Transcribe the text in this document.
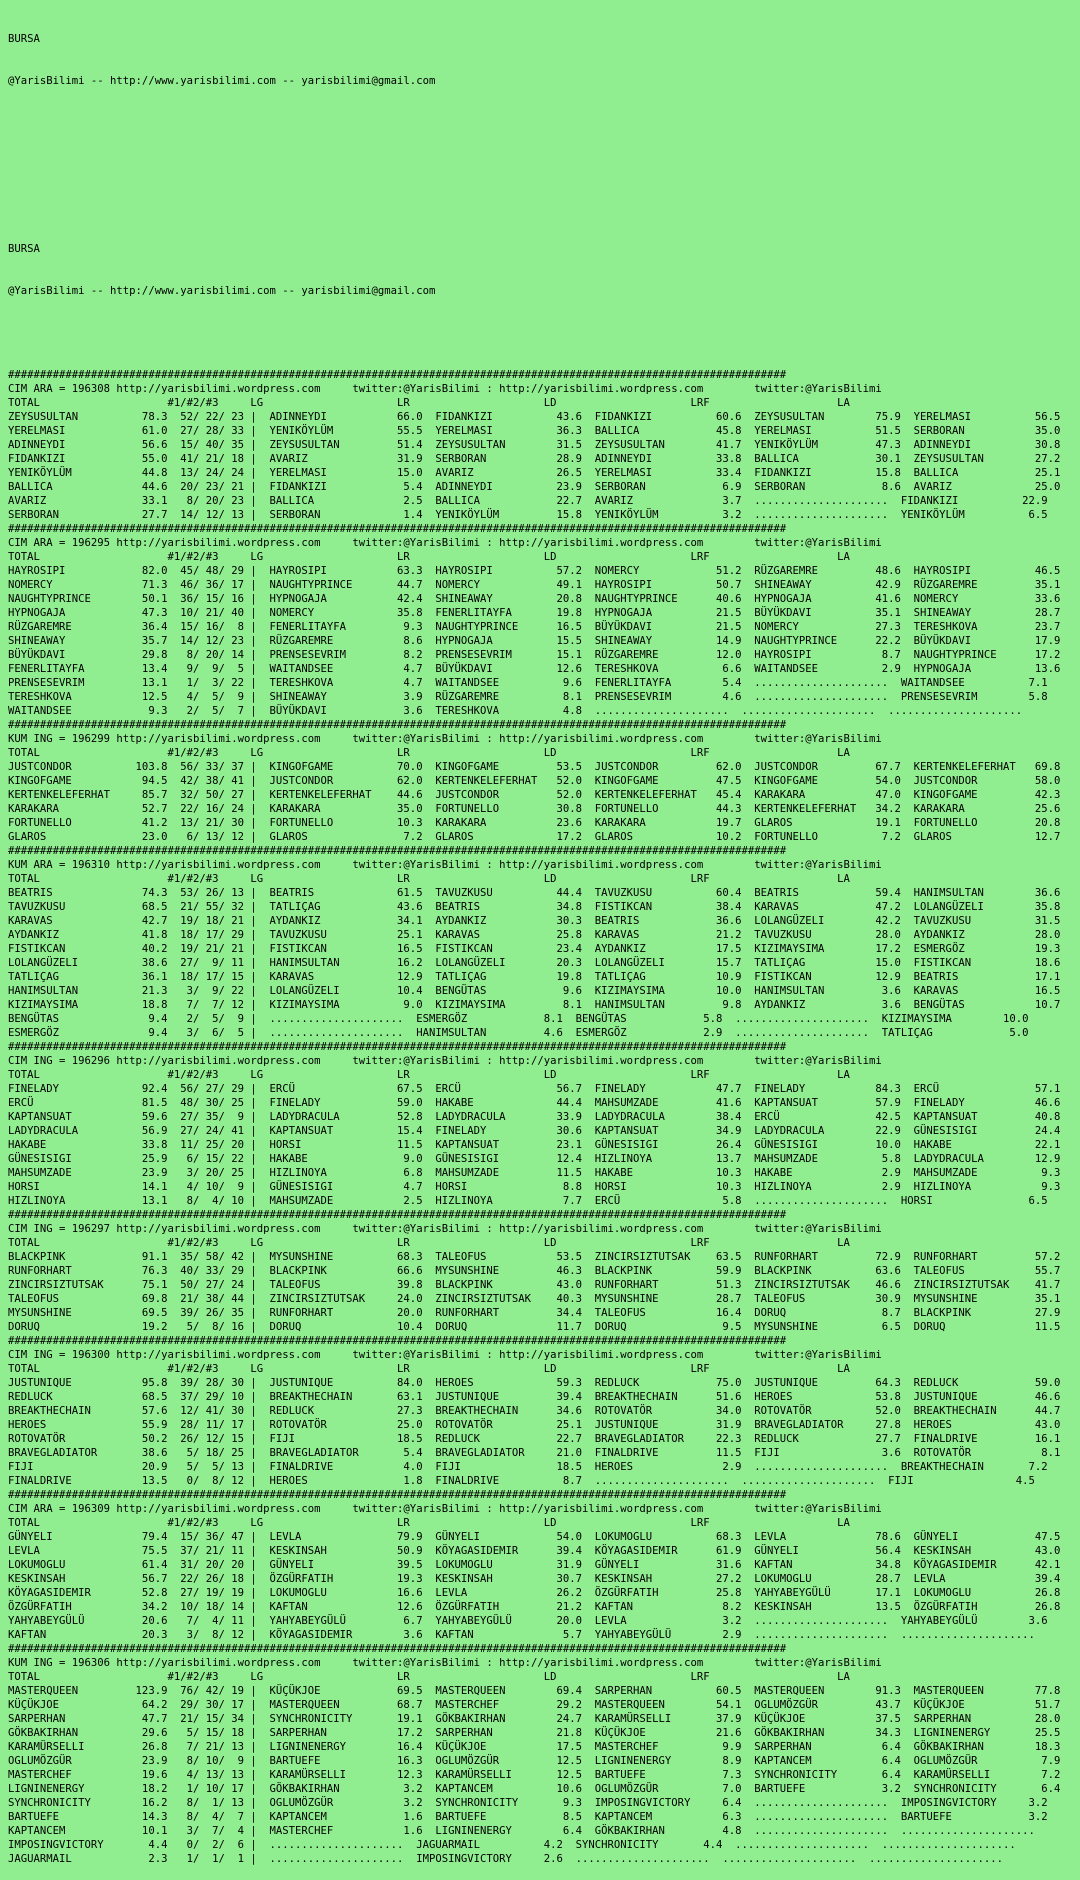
BURSA

@YarisBilimi -- http://www.yarisbilimi.com -- yarisbilimi@gmail.com

BURSA

@YarisBilimi -- http://www.yarisbilimi.com -- yarisbilimi@gmail.com

##########################################################################################################################
CIM ARA = 196308 http://yarisbilimi.wordpress.com     twitter:@YarisBilimi : http://yarisbilimi.wordpress.com        twitter:@YarisBilimi
TOTAL                    #1/#2/#3     LG                     LR                     LD                     LRF                    LA
ZEYSUSULTAN          78.3  52/ 22/ 23 |  ADINNEYDI           66.0  FIDANKIZI          43.6  FIDANKIZI          60.6  ZEYSUSULTAN        75.9  YERELMASI          56.5
YERELMASI            61.0  27/ 28/ 33 |  YENIKÖYLÜM          55.5  YERELMASI          36.3  BALLICA            45.8  YERELMASI          51.5  SERBORAN           35.0
ADINNEYDI            56.6  15/ 40/ 35 |  ZEYSUSULTAN         51.4  ZEYSUSULTAN        31.5  ZEYSUSULTAN        41.7  YENIKÖYLÜM         47.3  ADINNEYDI          30.8
FIDANKIZI            55.0  41/ 21/ 18 |  AVARIZ              31.9  SERBORAN           28.9  ADINNEYDI          33.8  BALLICA            30.1  ZEYSUSULTAN        27.2
YENIKÖYLÜM           44.8  13/ 24/ 24 |  YERELMASI           15.0  AVARIZ             26.5  YERELMASI          33.4  FIDANKIZI          15.8  BALLICA            25.1
BALLICA              44.6  20/ 23/ 21 |  FIDANKIZI            5.4  ADINNEYDI          23.9  SERBORAN            6.9  SERBORAN            8.6  AVARIZ             25.0
AVARIZ               33.1   8/ 20/ 23 |  BALLICA              2.5  BALLICA            22.7  AVARIZ              3.7  .....................  FIDANKIZI          22.9
SERBORAN             27.7  14/ 12/ 13 |  SERBORAN             1.4  YENIKÖYLÜM         15.8  YENIKÖYLÜM          3.2  .....................  YENIKÖYLÜM          6.5
##########################################################################################################################
CIM ARA = 196295 http://yarisbilimi.wordpress.com     twitter:@YarisBilimi : http://yarisbilimi.wordpress.com        twitter:@YarisBilimi
TOTAL                    #1/#2/#3     LG                     LR                     LD                     LRF                    LA
HAYROSIPI            82.0  45/ 48/ 29 |  HAYROSIPI           63.3  HAYROSIPI          57.2  NOMERCY            51.2  RÜZGAREMRE         48.6  HAYROSIPI          46.5
NOMERCY              71.3  46/ 36/ 17 |  NAUGHTYPRINCE       44.7  NOMERCY            49.1  HAYROSIPI          50.7  SHINEAWAY          42.9  RÜZGAREMRE         35.1
NAUGHTYPRINCE        50.1  36/ 15/ 16 |  HYPNOGAJA           42.4  SHINEAWAY          20.8  NAUGHTYPRINCE      40.6  HYPNOGAJA          41.6  NOMERCY            33.6
HYPNOGAJA            47.3  10/ 21/ 40 |  NOMERCY             35.8  FENERLITAYFA       19.8  HYPNOGAJA          21.5  BÜYÜKDAVI          35.1  SHINEAWAY          28.7
RÜZGAREMRE           36.4  15/ 16/  8 |  FENERLITAYFA         9.3  NAUGHTYPRINCE      16.5  BÜYÜKDAVI          21.5  NOMERCY            27.3  TERESHKOVA         23.7
SHINEAWAY            35.7  14/ 12/ 23 |  RÜZGAREMRE           8.6  HYPNOGAJA          15.5  SHINEAWAY          14.9  NAUGHTYPRINCE      22.2  BÜYÜKDAVI          17.9
BÜYÜKDAVI            29.8   8/ 20/ 14 |  PRENSESEVRIM         8.2  PRENSESEVRIM       15.1  RÜZGAREMRE         12.0  HAYROSIPI           8.7  NAUGHTYPRINCE      17.2
FENERLITAYFA         13.4   9/  9/  5 |  WAITANDSEE           4.7  BÜYÜKDAVI          12.6  TERESHKOVA          6.6  WAITANDSEE          2.9  HYPNOGAJA          13.6
PRENSESEVRIM         13.1   1/  3/ 22 |  TERESHKOVA           4.7  WAITANDSEE          9.6  FENERLITAYFA        5.4  .....................  WAITANDSEE          7.1
TERESHKOVA           12.5   4/  5/  9 |  SHINEAWAY            3.9  RÜZGAREMRE          8.1  PRENSESEVRIM        4.6  .....................  PRENSESEVRIM        5.8
WAITANDSEE            9.3   2/  5/  7 |  BÜYÜKDAVI            3.6  TERESHKOVA          4.8  .....................  .....................  .....................
##########################################################################################################################
KUM ING = 196299 http://yarisbilimi.wordpress.com     twitter:@YarisBilimi : http://yarisbilimi.wordpress.com        twitter:@YarisBilimi
TOTAL                    #1/#2/#3     LG                     LR                     LD                     LRF                    LA
JUSTCONDOR          103.8  56/ 33/ 37 |  KINGOFGAME          70.0  KINGOFGAME         53.5  JUSTCONDOR         62.0  JUSTCONDOR         67.7  KERTENKELEFERHAT   69.8
KINGOFGAME           94.5  42/ 38/ 41 |  JUSTCONDOR          62.0  KERTENKELEFERHAT   52.0  KINGOFGAME         47.5  KINGOFGAME         54.0  JUSTCONDOR         58.0
KERTENKELEFERHAT     85.7  32/ 50/ 27 |  KERTENKELEFERHAT    44.6  JUSTCONDOR         52.0  KERTENKELEFERHAT   45.4  KARAKARA           47.0  KINGOFGAME         42.3
KARAKARA             52.7  22/ 16/ 24 |  KARAKARA            35.0  FORTUNELLO         30.8  FORTUNELLO         44.3  KERTENKELEFERHAT   34.2  KARAKARA           25.6
FORTUNELLO           41.2  13/ 21/ 30 |  FORTUNELLO          10.3  KARAKARA           23.6  KARAKARA           19.7  GLAROS             19.1  FORTUNELLO         20.8
GLAROS               23.0   6/ 13/ 12 |  GLAROS               7.2  GLAROS             17.2  GLAROS             10.2  FORTUNELLO          7.2  GLAROS             12.7
##########################################################################################################################
KUM ARA = 196310 http://yarisbilimi.wordpress.com     twitter:@YarisBilimi : http://yarisbilimi.wordpress.com        twitter:@YarisBilimi
TOTAL                    #1/#2/#3     LG                     LR                     LD                     LRF                    LA
BEATRIS              74.3  53/ 26/ 13 |  BEATRIS             61.5  TAVUZKUSU          44.4  TAVUZKUSU          60.4  BEATRIS            59.4  HANIMSULTAN        36.6
TAVUZKUSU            68.5  21/ 55/ 32 |  TATLIÇAG            43.6  BEATRIS            34.8  FISTIKCAN          38.4  KARAVAS            47.2  LOLANGÜZELI        35.8
KARAVAS              42.7  19/ 18/ 21 |  AYDANKIZ            34.1  AYDANKIZ           30.3  BEATRIS            36.6  LOLANGÜZELI        42.2  TAVUZKUSU          31.5
AYDANKIZ             41.8  18/ 17/ 29 |  TAVUZKUSU           25.1  KARAVAS            25.8  KARAVAS            21.2  TAVUZKUSU          28.0  AYDANKIZ           28.0
FISTIKCAN            40.2  19/ 21/ 21 |  FISTIKCAN           16.5  FISTIKCAN          23.4  AYDANKIZ           17.5  KIZIMAYSIMA        17.2  ESMERGÖZ           19.3
LOLANGÜZELI          38.6  27/  9/ 11 |  HANIMSULTAN         16.2  LOLANGÜZELI        20.3  LOLANGÜZELI        15.7  TATLIÇAG           15.0  FISTIKCAN          18.6
TATLIÇAG             36.1  18/ 17/ 15 |  KARAVAS             12.9  TATLIÇAG           19.8  TATLIÇAG           10.9  FISTIKCAN          12.9  BEATRIS            17.1
HANIMSULTAN          21.3   3/  9/ 22 |  LOLANGÜZELI         10.4  BENGÜTAS            9.6  KIZIMAYSIMA        10.0  HANIMSULTAN         3.6  KARAVAS            16.5
KIZIMAYSIMA          18.8   7/  7/ 12 |  KIZIMAYSIMA          9.0  KIZIMAYSIMA         8.1  HANIMSULTAN         9.8  AYDANKIZ            3.6  BENGÜTAS           10.7
BENGÜTAS              9.4   2/  5/  9 |  .....................  ESMERGÖZ            8.1  BENGÜTAS            5.8  .....................  KIZIMAYSIMA        10.0
ESMERGÖZ              9.4   3/  6/  5 |  .....................  HANIMSULTAN         4.6  ESMERGÖZ            2.9  .....................  TATLIÇAG            5.0
##########################################################################################################################
CIM ING = 196296 http://yarisbilimi.wordpress.com     twitter:@YarisBilimi : http://yarisbilimi.wordpress.com        twitter:@YarisBilimi
TOTAL                    #1/#2/#3     LG                     LR                     LD                     LRF                    LA
FINELADY             92.4  56/ 27/ 29 |  ERCÜ                67.5  ERCÜ               56.7  FINELADY           47.7  FINELADY           84.3  ERCÜ               57.1
ERCÜ                 81.5  48/ 30/ 25 |  FINELADY            59.0  HAKABE             44.4  MAHSUMZADE         41.6  KAPTANSUAT         57.9  FINELADY           46.6
KAPTANSUAT           59.6  27/ 35/  9 |  LADYDRACULA         52.8  LADYDRACULA        33.9  LADYDRACULA        38.4  ERCÜ               42.5  KAPTANSUAT         40.8
LADYDRACULA          56.9  27/ 24/ 41 |  KAPTANSUAT          15.4  FINELADY           30.6  KAPTANSUAT         34.9  LADYDRACULA        22.9  GÜNESISIGI         24.4
HAKABE               33.8  11/ 25/ 20 |  HORSI               11.5  KAPTANSUAT         23.1  GÜNESISIGI         26.4  GÜNESISIGI         10.0  HAKABE             22.1
GÜNESISIGI           25.9   6/ 15/ 22 |  HAKABE               9.0  GÜNESISIGI         12.4  HIZLINOYA          13.7  MAHSUMZADE          5.8  LADYDRACULA        12.9
MAHSUMZADE           23.9   3/ 20/ 25 |  HIZLINOYA            6.8  MAHSUMZADE         11.5  HAKABE             10.3  HAKABE              2.9  MAHSUMZADE          9.3
HORSI                14.1   4/ 10/  9 |  GÜNESISIGI           4.7  HORSI               8.8  HORSI              10.3  HIZLINOYA           2.9  HIZLINOYA           9.3
HIZLINOYA            13.1   8/  4/ 10 |  MAHSUMZADE           2.5  HIZLINOYA           7.7  ERCÜ                5.8  .....................  HORSI               6.5
##########################################################################################################################
CIM ING = 196297 http://yarisbilimi.wordpress.com     twitter:@YarisBilimi : http://yarisbilimi.wordpress.com        twitter:@YarisBilimi
TOTAL                    #1/#2/#3     LG                     LR                     LD                     LRF                    LA
BLACKPINK            91.1  35/ 58/ 42 |  MYSUNSHINE          68.3  TALEOFUS           53.5  ZINCIRSIZTUTSAK    63.5  RUNFORHART         72.9  RUNFORHART         57.2
RUNFORHART           76.3  40/ 33/ 29 |  BLACKPINK           66.6  MYSUNSHINE         46.3  BLACKPINK          59.9  BLACKPINK          63.6  TALEOFUS           55.7
ZINCIRSIZTUTSAK      75.1  50/ 27/ 24 |  TALEOFUS            39.8  BLACKPINK          43.0  RUNFORHART         51.3  ZINCIRSIZTUTSAK    46.6  ZINCIRSIZTUTSAK    41.7
TALEOFUS             69.8  21/ 38/ 44 |  ZINCIRSIZTUTSAK     24.0  ZINCIRSIZTUTSAK    40.3  MYSUNSHINE         28.7  TALEOFUS           30.9  MYSUNSHINE         35.1
MYSUNSHINE           69.5  39/ 26/ 35 |  RUNFORHART          20.0  RUNFORHART         34.4  TALEOFUS           16.4  DORUQ               8.7  BLACKPINK          27.9
DORUQ                19.2   5/  8/ 16 |  DORUQ               10.4  DORUQ              11.7  DORUQ               9.5  MYSUNSHINE          6.5  DORUQ              11.5
##########################################################################################################################
CIM ING = 196300 http://yarisbilimi.wordpress.com     twitter:@YarisBilimi : http://yarisbilimi.wordpress.com        twitter:@YarisBilimi
TOTAL                    #1/#2/#3     LG                     LR                     LD                     LRF                    LA
JUSTUNIQUE           95.8  39/ 28/ 30 |  JUSTUNIQUE          84.0  HEROES             59.3  REDLUCK            75.0  JUSTUNIQUE         64.3  REDLUCK            59.0
REDLUCK              68.5  37/ 29/ 10 |  BREAKTHECHAIN       63.1  JUSTUNIQUE         39.4  BREAKTHECHAIN      51.6  HEROES             53.8  JUSTUNIQUE         46.6
BREAKTHECHAIN        57.6  12/ 41/ 30 |  REDLUCK             27.3  BREAKTHECHAIN      34.6  ROTOVATÖR          34.0  ROTOVATÖR          52.0  BREAKTHECHAIN      44.7
HEROES               55.9  28/ 11/ 17 |  ROTOVATÖR           25.0  ROTOVATÖR          25.1  JUSTUNIQUE         31.9  BRAVEGLADIATOR     27.8  HEROES             43.0
ROTOVATÖR            50.2  26/ 12/ 15 |  FIJI                18.5  REDLUCK            22.7  BRAVEGLADIATOR     22.3  REDLUCK            27.7  FINALDRIVE         16.1
BRAVEGLADIATOR       38.6   5/ 18/ 25 |  BRAVEGLADIATOR       5.4  BRAVEGLADIATOR     21.0  FINALDRIVE         11.5  FIJI                3.6  ROTOVATÖR           8.1
FIJI                 20.9   5/  5/ 13 |  FINALDRIVE           4.0  FIJI               18.5  HEROES              2.9  .....................  BREAKTHECHAIN       7.2
FINALDRIVE           13.5   0/  8/ 12 |  HEROES               1.8  FINALDRIVE          8.7  .....................  .....................  FIJI                4.5
##########################################################################################################################
CIM ARA = 196309 http://yarisbilimi.wordpress.com     twitter:@YarisBilimi : http://yarisbilimi.wordpress.com        twitter:@YarisBilimi
TOTAL                    #1/#2/#3     LG                     LR                     LD                     LRF                    LA
GÜNYELI              79.4  15/ 36/ 47 |  LEVLA               79.9  GÜNYELI            54.0  LOKUMOGLU          68.3  LEVLA              78.6  GÜNYELI            47.5
LEVLA                75.5  37/ 21/ 11 |  KESKINSAH           50.9  KÖYAGASIDEMIR      39.4  KÖYAGASIDEMIR      61.9  GÜNYELI            56.4  KESKINSAH          43.0
LOKUMOGLU            61.4  31/ 20/ 20 |  GÜNYELI             39.5  LOKUMOGLU          31.9  GÜNYELI            31.6  KAFTAN             34.8  KÖYAGASIDEMIR      42.1
KESKINSAH            56.7  22/ 26/ 18 |  ÖZGÜRFATIH          19.3  KESKINSAH          30.7  KESKINSAH          27.2  LOKUMOGLU          28.7  LEVLA              39.4
KÖYAGASIDEMIR        52.8  27/ 19/ 19 |  LOKUMOGLU           16.6  LEVLA              26.2  ÖZGÜRFATIH         25.8  YAHYABEYGÜLÜ       17.1  LOKUMOGLU          26.8
ÖZGÜRFATIH           34.2  10/ 18/ 14 |  KAFTAN              12.6  ÖZGÜRFATIH         21.2  KAFTAN              8.2  KESKINSAH          13.5  ÖZGÜRFATIH         26.8
YAHYABEYGÜLÜ         20.6   7/  4/ 11 |  YAHYABEYGÜLÜ         6.7  YAHYABEYGÜLÜ       20.0  LEVLA               3.2  .....................  YAHYABEYGÜLÜ        3.6
KAFTAN               20.3   3/  8/ 12 |  KÖYAGASIDEMIR        3.6  KAFTAN              5.7  YAHYABEYGÜLÜ        2.9  .....................  .....................
##########################################################################################################################
KUM ING = 196306 http://yarisbilimi.wordpress.com     twitter:@YarisBilimi : http://yarisbilimi.wordpress.com        twitter:@YarisBilimi
TOTAL                    #1/#2/#3     LG                     LR                     LD                     LRF                    LA
MASTERQUEEN         123.9  76/ 42/ 19 |  KÜÇÜKJOE            69.5  MASTERQUEEN        69.4  SARPERHAN          60.5  MASTERQUEEN        91.3  MASTERQUEEN        77.8
KÜÇÜKJOE             64.2  29/ 30/ 17 |  MASTERQUEEN         68.7  MASTERCHEF         29.2  MASTERQUEEN        54.1  OGLUMÖZGÜR         43.7  KÜÇÜKJOE           51.7
SARPERHAN            47.7  21/ 15/ 34 |  SYNCHRONICITY       19.1  GÖKBAKIRHAN        24.7  KARAMÜRSELLI       37.9  KÜÇÜKJOE           37.5  SARPERHAN          28.0
GÖKBAKIRHAN          29.6   5/ 15/ 18 |  SARPERHAN           17.2  SARPERHAN          21.8  KÜÇÜKJOE           21.6  GÖKBAKIRHAN        34.3  LIGNINENERGY       25.5
KARAMÜRSELLI         26.8   7/ 21/ 13 |  LIGNINENERGY        16.4  KÜÇÜKJOE           17.5  MASTERCHEF          9.9  SARPERHAN           6.4  GÖKBAKIRHAN        18.3
OGLUMÖZGÜR           23.9   8/ 10/  9 |  BARTUEFE            16.3  OGLUMÖZGÜR         12.5  LIGNINENERGY        8.9  KAPTANCEM           6.4  OGLUMÖZGÜR          7.9
MASTERCHEF           19.6   4/ 13/ 13 |  KARAMÜRSELLI        12.3  KARAMÜRSELLI       12.5  BARTUEFE            7.3  SYNCHRONICITY       6.4  KARAMÜRSELLI        7.2
LIGNINENERGY         18.2   1/ 10/ 17 |  GÖKBAKIRHAN          3.2  KAPTANCEM          10.6  OGLUMÖZGÜR          7.0  BARTUEFE            3.2  SYNCHRONICITY       6.4
SYNCHRONICITY        16.2   8/  1/ 13 |  OGLUMÖZGÜR           3.2  SYNCHRONICITY       9.3  IMPOSINGVICTORY     6.4  .....................  IMPOSINGVICTORY     3.2
BARTUEFE             14.3   8/  4/  7 |  KAPTANCEM            1.6  BARTUEFE            8.5  KAPTANCEM           6.3  .....................  BARTUEFE            3.2
KAPTANCEM            10.1   3/  7/  4 |  MASTERCHEF           1.6  LIGNINENERGY        6.4  GÖKBAKIRHAN         4.8  .....................  .....................
IMPOSINGVICTORY       4.4   0/  2/  6 |  .....................  JAGUARMAIL          4.2  SYNCHRONICITY       4.4  .....................  .....................
JAGUARMAIL            2.3   1/  1/  1 |  .....................  IMPOSINGVICTORY     2.6  .....................  .....................  .....................
